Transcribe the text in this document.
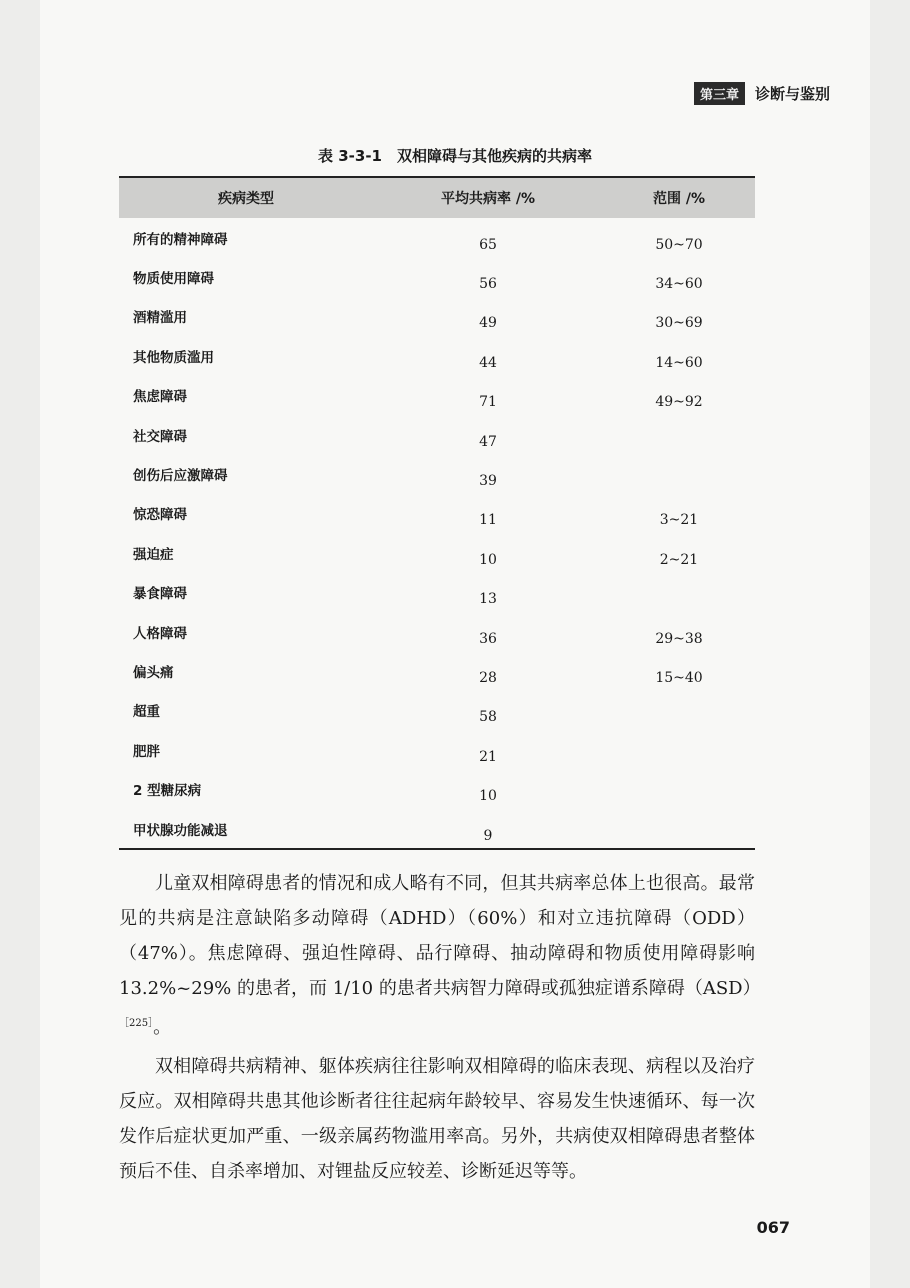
第三章	诊断与鉴别
表 3-3-1　双相障碍与其他疾病的共病率
疾病类型	平均共病率 /%	范围 /%
所有的精神障碍	65	50~70
物质使用障碍	56	34~60
酒精滥用	49	30~69
其他物质滥用	44	14~60
焦虑障碍	71	49~92
社交障碍	47	
创伤后应激障碍	39	
惊恐障碍	11	3~21
强迫症	10	2~21
暴食障碍	13	
人格障碍	36	29~38
偏头痛	28	15~40
超重	58	
肥胖	21	
2 型糖尿病	10	
甲状腺功能减退	9	

儿童双相障碍患者的情况和成人略有不同，但其共病率总体上也很高。最常见的共病是注意缺陷多动障碍（ADHD）（60%）和对立违抗障碍（ODD）（47%）。焦虑障碍、强迫性障碍、品行障碍、抽动障碍和物质使用障碍影响 13.2%~29% 的患者，而 1/10 的患者共病智力障碍或孤独症谱系障碍（ASD）$^{[225]}$。

双相障碍共病精神、躯体疾病往往影响双相障碍的临床表现、病程以及治疗反应。双相障碍共患其他诊断者往往起病年龄较早、容易发生快速循环、每一次发作后症状更加严重、一级亲属药物滥用率高。另外，共病使双相障碍患者整体预后不佳、自杀率增加、对锂盐反应较差、诊断延迟等等。

067
